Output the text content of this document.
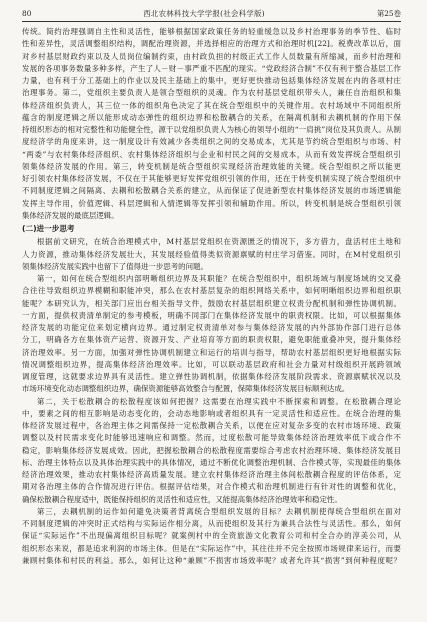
80	西北农林科技大学学报(社会科学版)	第25卷

传统。简约治理强调自主性和灵活性，能够根据国家政策任务的轻重缓急以及乡村治理事务的季节性、临时

性和差异性，灵活调整组织结构，调配治理资源，并选择相应的治理方式和治理时机[22]。税费改革以后，面

对乡村基层财政约束以及人员岗位编制约束，由村政负担的村级正式工作人员数量有所缩减，而乡村治理和

发展的各项事务数量多种多样，产生了人－财－事严重不匹配的现实。“党政经济合制”不仅有利于整合基层工作

力量，也有利于分工基础上的作业以及民主基础上的集中，更好更快推动包括集体经济发展在内的各项村庄

治理事务。第二，党组织主要负责人是领合型组织的灵魂。作为农村基层党组织带头人，兼任自治组织和集

体经济组织负责人，其三位一体的组织角色决定了其在统合型组织中的关键作用。农村场域中不同组织所

蕴含的制度逻辑之所以能形成动态弹性的组织边界和松散耦合的关系，在隔离机制和去耦机制的作用下保

持组织形态的相对完整性和功能健全性，源于以党组织负责人为核心的领导小组的“一肩挑”岗位及其负责人。从制

度经济学的角度来讲，这一制度设计有效减少各类组织之间的交易成本，尤其是节约统合型组织与市场、村

“两委”与农村集体经济组织、农村集体经济组织与企业和村民之间的交易成本，从而有效发挥统合型组织引

领集体经济发展的作用。第三，转变机制是统合型组织实现经济治理效能的关键。统合型组织之所以能更

好引领农村集体经济发展，不仅在于其能够更好发挥党组织引领的作用，还在于转变机制实现了统合型组织中

不同制度逻辑之间隔离、去耦和松散耦合关系的建立，从而保证了促进新型农村集体经济发展的市场逻辑能

发挥主导作用，价值逻辑、科层逻辑和入情逻辑等发挥引领和辅助作用。所以，转变机制是统合型组织引领

集体经济发展的最底层逻辑。

(二)进一步思考

根据前文研究，在统合治理模式中，M村基层党组织在资源匮乏的情况下，多方借力，盘活村庄土地和

人力资源，推动集体经济发展壮大，其发展经验值得类似资源禀赋的村庄学习借鉴。同时，在M村党组织引

领集体经济发展实践中也留下了值得进一步思考的问题。

第一，如何在统合型组织内部明晰组织边界及其职能？在统合型组织中，组织场域与制度场域的交叉叠

合往往导致组织边界模糊和职能冲突，那么在农村基层复杂的组织网络关系中，如何明晰组织边界和组织职

能呢？本研究认为，相关部门应出台相关指导文件，鼓励农村基层组织建立权责分配机制和弹性协调机制。

一方面，提供权责清单制定的参考模板，明确不同部门在集体经济发展中的职责权限。比如，可以根据集体

经济发展的功能定位来划定横向边界。通过制定权责清单对参与集体经济发展的内外部协作部门进行总体

分工，明确各方在集体资产运营、资源开发、产业培育等方面的职责权限，避免职能重叠冲突，提升集体经

济治理效率。另一方面，加强对弹性协调机制建立和运行的培训与指导，帮助农村基层组织更好地根据实际

情况调整组织边界，提高集体经济治理效率。比如，可以联动基层政府和社会力量对村级组织开展跨领域

调度管理，这就要求边界具有灵活性。建立弹性协调机制，依据集体经济发展阶段需求、资源禀赋状况以及

市场环境变化动态调整组织边界，确保资源能够高效整合与配置，保障集体经济发展目标顺利达成。

第二，关于松散耦合的松散程度该如何把握？这需要在治理实践中不断探索和调整。在松散耦合理论

中，要素之间的相互影响是动态变化的，会动态地影响或者组织具有一定灵活性和适应性。在统合治理的集

体经济发展过程中，各治理主体之间需保持一定松散耦合关系，以便在应对复杂多变的农村市场环境、政策

调整以及村民需求变化时能够迅速响应和调整。然而，过度松散可能导致集体经济治理效率低下或合作不

稳定，影响集体经济发展成效。因此，把握松散耦合的松散程度需要综合考虑农村治理环境、集体经济发展目

标、治理主体特点以及具体治理实践中的具体情况，通过不断优化调整治理机制、合作模式等，实现最佳的集体

经济治理效果，推动农村集体经济高质量发展。建立农村集体经济治理主体间松散耦合程度的评估体系，定

期对各治理主体的合作情况进行评估。根据评估结果，对合作模式和治理机制进行有针对性的调整和优化，

确保松散耦合程度适中，既能保持组织的灵活性和适应性，又能提高集体经济治理效率和稳定性。

第三，去耦机制的运作如何避免决策者背离统合型组织发展的目标？去耦机制使得统合型组织在面对

不同制度逻辑的冲突时正式结构与实际运作相分离，从而使组织及其行为兼具合法性与灵活性。那么，如何

保证“实际运作”不出现偏离组织目标呢？就案例村中的全资旅游文化教育公司和村全合办的淳美公司，从

组织形态来说，都是追求利润的市场主体。但是在“实际运作”中，其往往并不完全按照市场规律来运行，而要

兼顾村集体和村民的利益。那么，如何让这种“兼顾”不损害市场效率呢？或者允许其“损害”到何种程度呢？
